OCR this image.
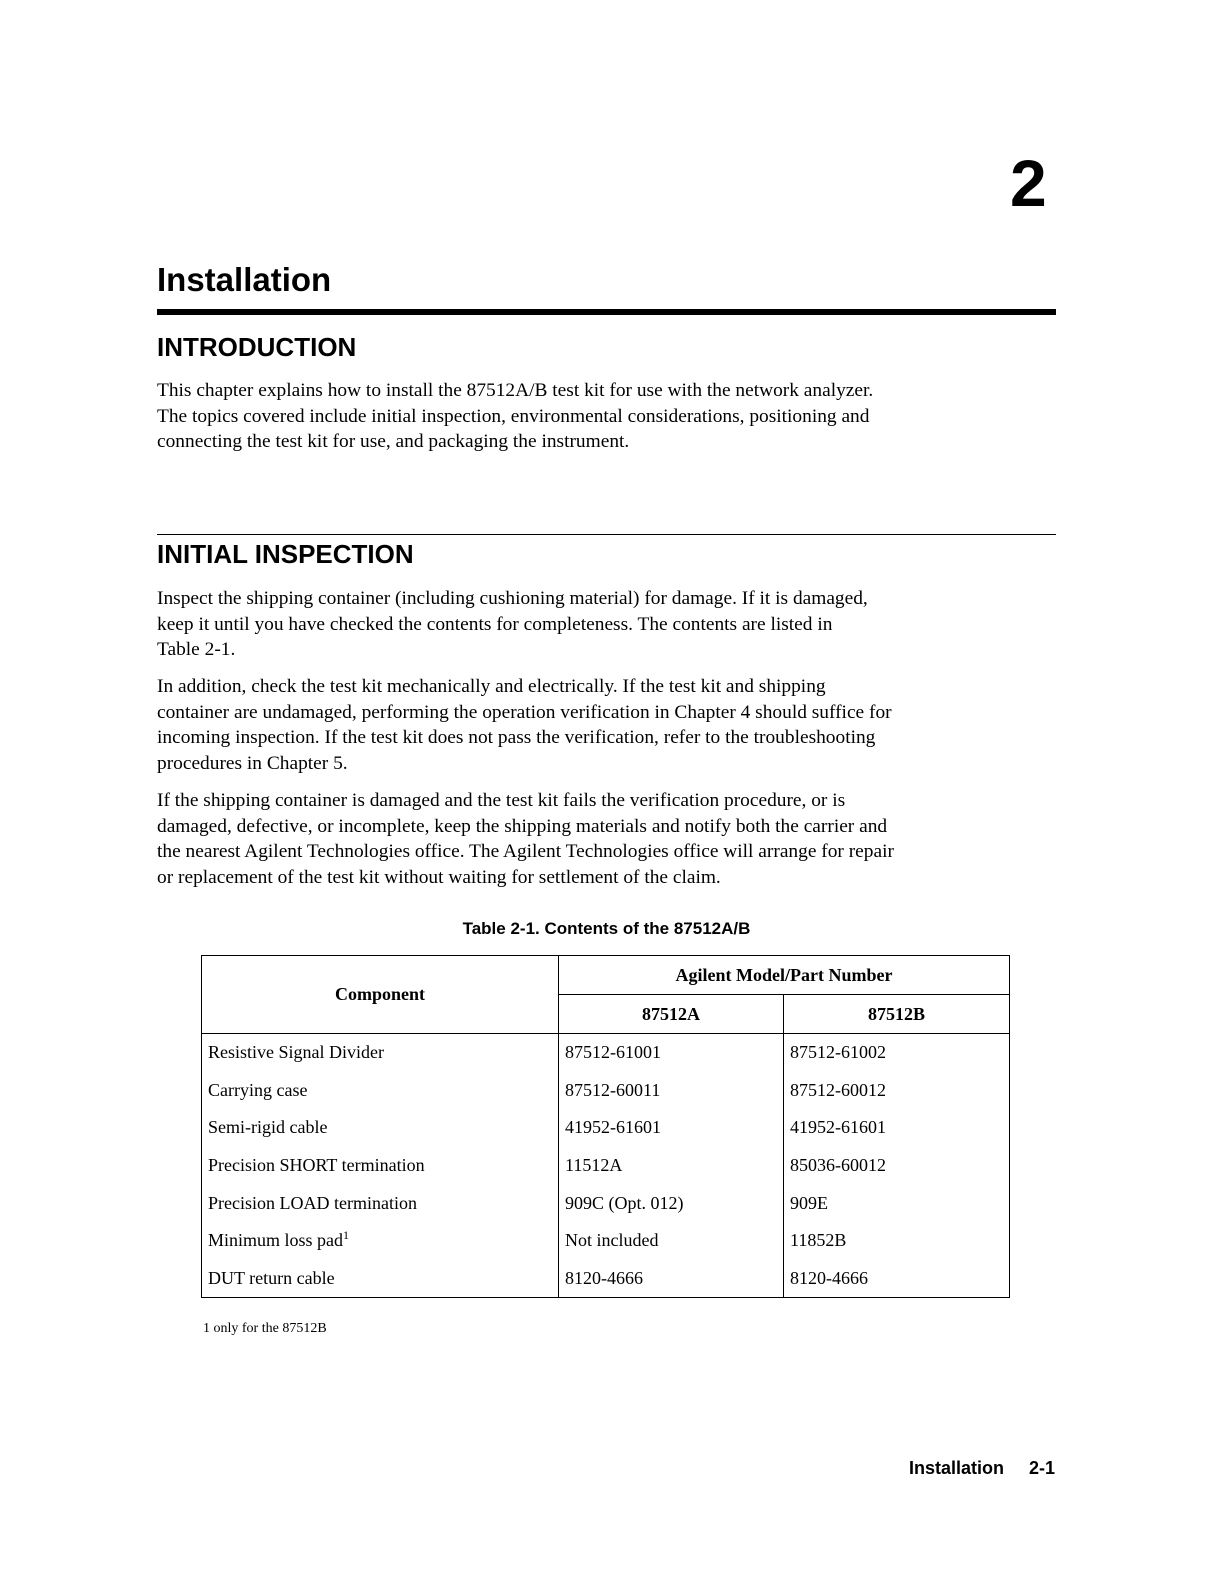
2
Installation
INTRODUCTION

This chapter explains how to install the 87512A/B test kit for use with the network analyzer.
The topics covered include initial inspection, environmental considerations, positioning and
connecting the test kit for use, and packaging the instrument.

INITIAL INSPECTION

Inspect the shipping container (including cushioning material) for damage. If it is damaged,
keep it until you have checked the contents for completeness. The contents are listed in
Table 2-1.

In addition, check the test kit mechanically and electrically. If the test kit and shipping
container are undamaged, performing the operation verification in Chapter 4 should suffice for
incoming inspection. If the test kit does not pass the verification, refer to the troubleshooting
procedures in Chapter 5.

If the shipping container is damaged and the test kit fails the verification procedure, or is
damaged, defective, or incomplete, keep the shipping materials and notify both the carrier and
the nearest Agilent Technologies office. The Agilent Technologies office will arrange for repair
or replacement of the test kit without waiting for settlement of the claim.

Table 2-1. Contents of the 87512A/B
Component	Agilent Model/Part Number	
	87512A	87512B
Resistive Signal Divider	87512-61001	87512-61002
Carrying case	87512-60011	87512-60012
Semi-rigid cable	41952-61601	41952-61601
Precision SHORT termination	11512A	85036-60012
Precision LOAD termination	909C (Opt. 012)	909E
Minimum loss pad$^1$	Not included	11852B
DUT return cable	8120-4666	8120-4666
1 only for the 87512B
Installation 2-1
